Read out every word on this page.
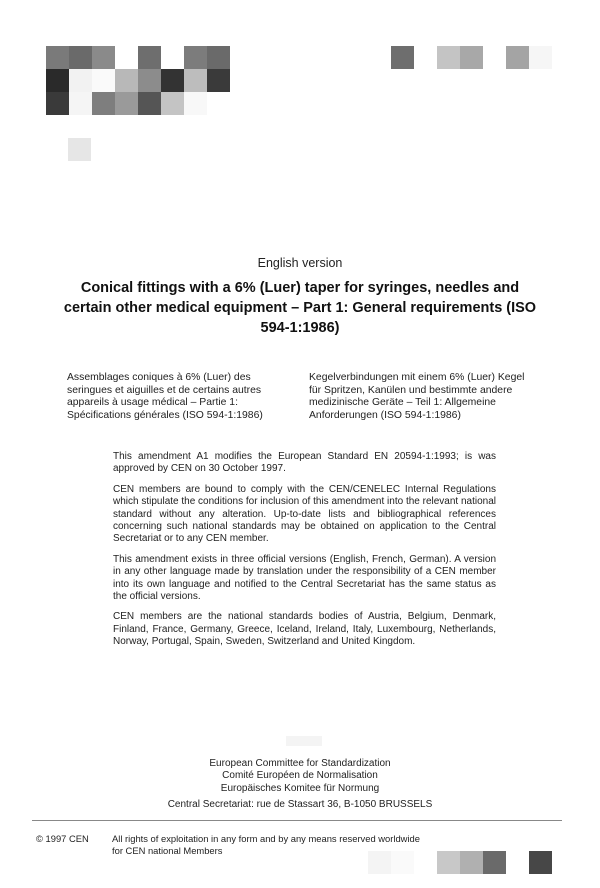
English version
Conical fittings with a 6% (Luer) taper for syringes, needles and certain other medical equipment – Part 1: General requirements (ISO 594-1:1986)
Assemblages coniques à 6% (Luer) des seringues et aiguilles et de certains autres appareils à usage médical – Partie 1: Spécifications générales (ISO 594-1:1986)
Kegelverbindungen mit einem 6% (Luer) Kegel für Spritzen, Kanülen und bestimmte andere medizinische Geräte – Teil 1: Allgemeine Anforderungen (ISO 594-1:1986)

This amendment A1 modifies the European Standard EN 20594-1:1993; is was approved by CEN on 30 October 1997.

CEN members are bound to comply with the CEN/CENELEC Internal Regulations which stipulate the conditions for inclusion of this amendment into the relevant national standard without any alteration. Up-to-date lists and bibliographical references concerning such national standards may be obtained on application to the Central Secretariat or to any CEN member.

This amendment exists in three official versions (English, French, German). A version in any other language made by translation under the responsibility of a CEN member into its own language and notified to the Central Secretariat has the same status as the official versions.

CEN members are the national standards bodies of Austria, Belgium, Denmark, Finland, France, Germany, Greece, Iceland, Ireland, Italy, Luxembourg, Netherlands, Norway, Portugal, Spain, Sweden, Switzerland and United Kingdom.

European Committee for Standardization
Comité Européen de Normalisation
Europäisches Komitee für Normung
Central Secretariat: rue de Stassart 36, B-1050 BRUSSELS
© 1997 CEN All rights of exploitation in any form and by any means reserved worldwide for CEN national Members
